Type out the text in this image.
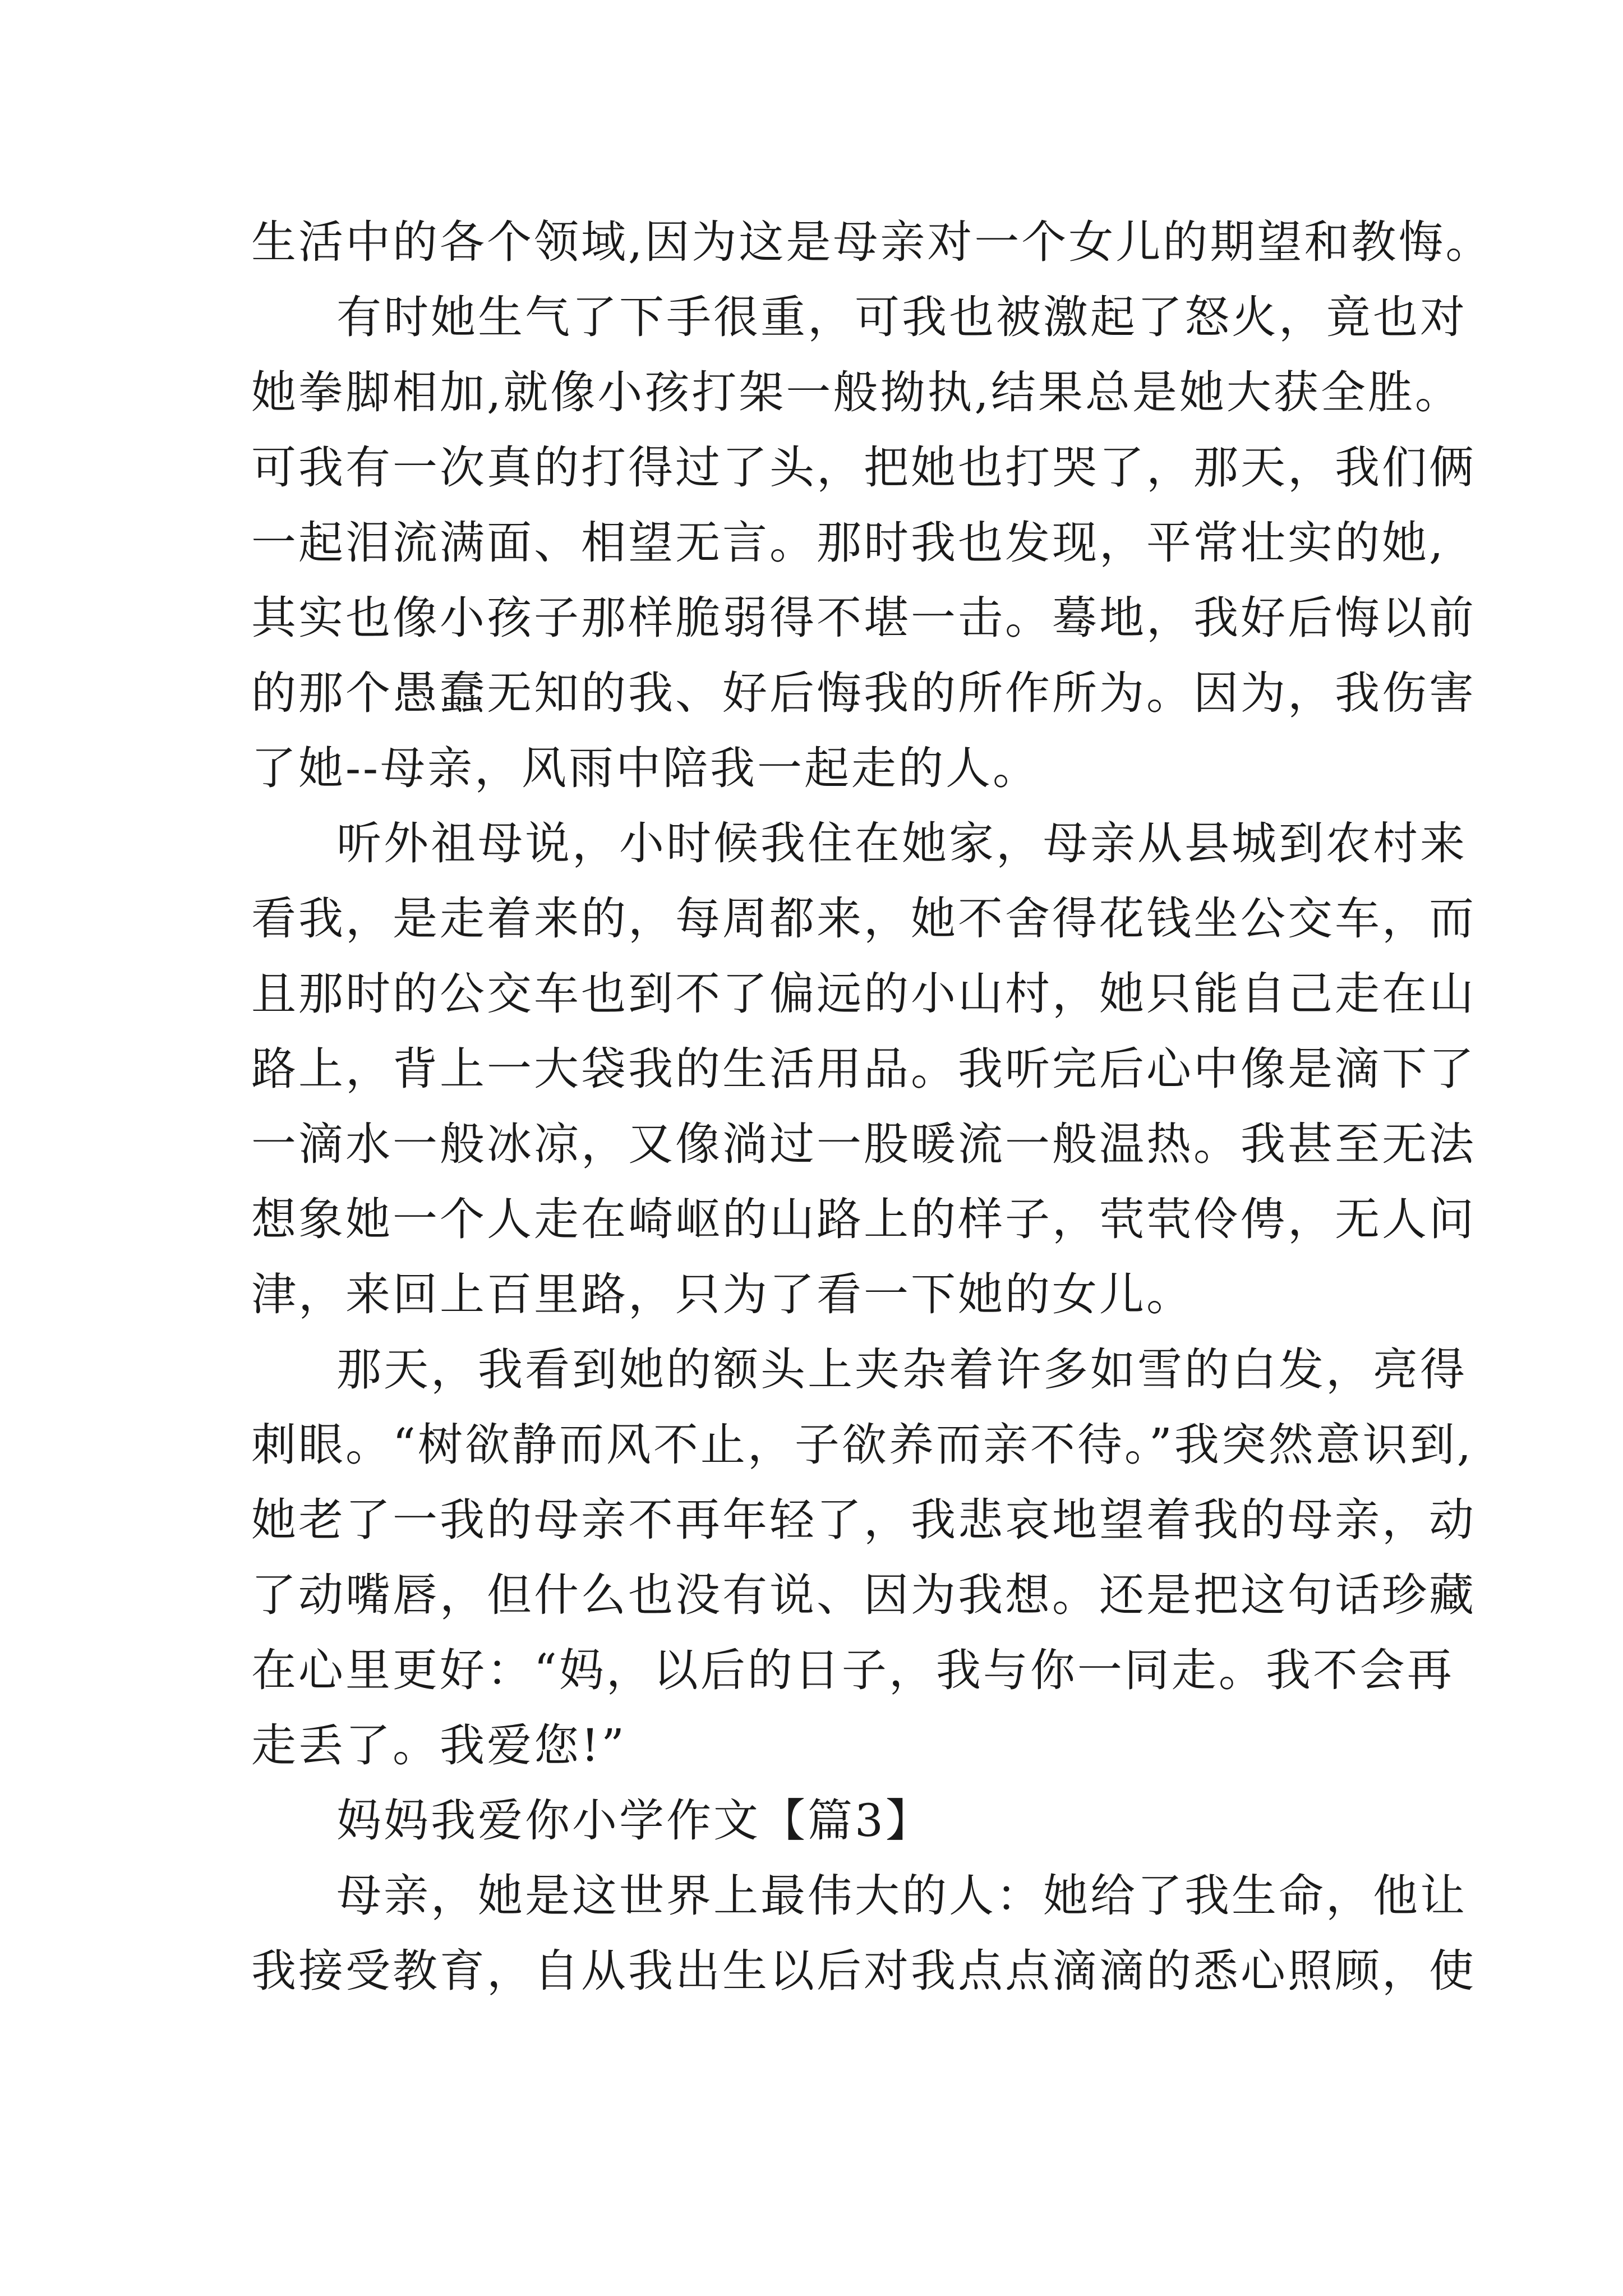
生活中的各个领域,因为这是母亲对一个女儿的期望和教悔。
有时她生气了下手很重，可我也被激起了怒火，竟也对
她拳脚相加,就像小孩打架一般拗执,结果总是她大获全胜。
可我有一次真的打得过了头，把她也打哭了，那天，我们俩
一起泪流满面、相望无言。那时我也发现，平常壮实的她,
其实也像小孩子那样脆弱得不堪一击。蓦地，我好后悔以前
的那个愚蠢无知的我、好后悔我的所作所为。因为，我伤害
了她--母亲，风雨中陪我一起走的人。
听外祖母说，小时候我住在她家，母亲从县城到农村来
看我，是走着来的，每周都来，她不舍得花钱坐公交车，而
且那时的公交车也到不了偏远的小山村，她只能自己走在山
路上，背上一大袋我的生活用品。我听完后心中像是滴下了
一滴水一般冰凉，又像淌过一股暖流一般温热。我甚至无法
想象她一个人走在崎岖的山路上的样子，茕茕伶俜，无人问
津，来回上百里路，只为了看一下她的女儿。
那天，我看到她的额头上夹杂着许多如雪的白发，亮得
刺眼。“树欲静而风不止，子欲养而亲不待。”我突然意识到,
她老了一我的母亲不再年轻了，我悲哀地望着我的母亲，动
了动嘴唇，但什么也没有说、因为我想。还是把这句话珍藏
在心里更好：“妈，以后的日子，我与你一同走。我不会再
走丢了。我爱您!”
妈妈我爱你小学作文【篇3】
母亲，她是这世界上最伟大的人：她给了我生命，他让
我接受教育，自从我出生以后对我点点滴滴的悉心照顾，使
